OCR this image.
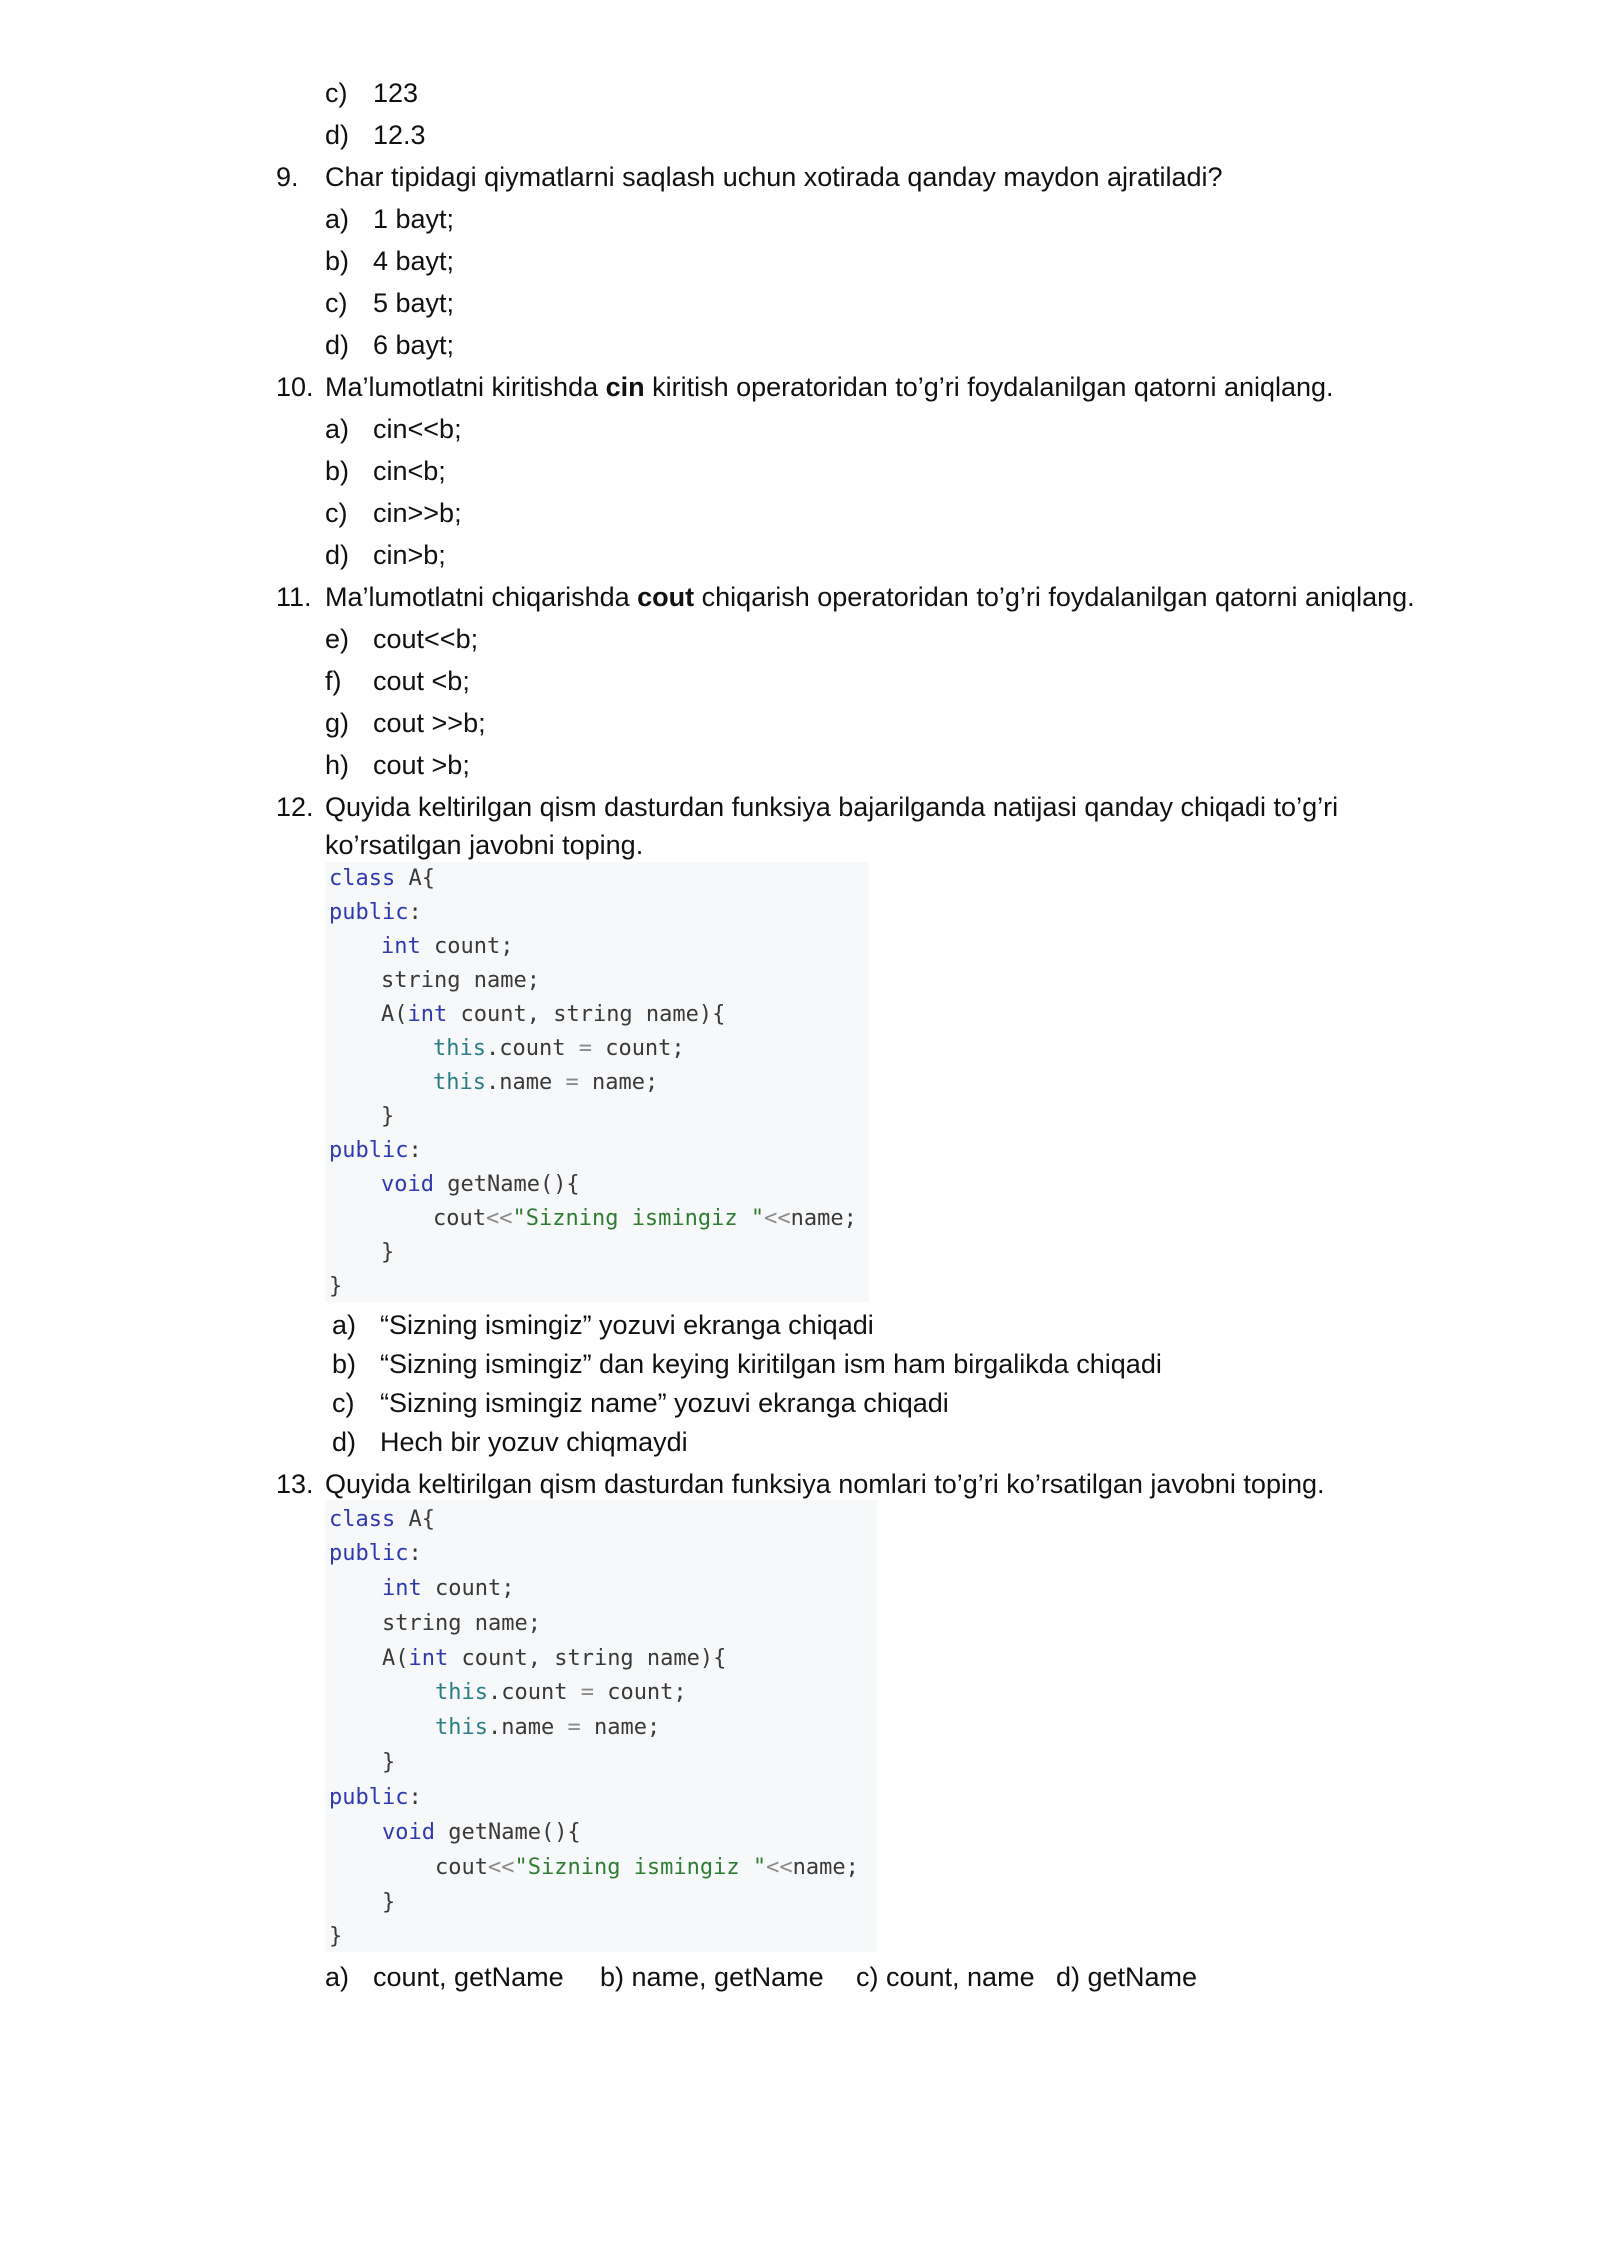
c) 123
d) 12.3
9. Char tipidagi qiymatlarni saqlash uchun xotirada qanday maydon ajratiladi?
a) 1 bayt;
b) 4 bayt;
c) 5 bayt;
d) 6 bayt;
10. Ma’lumotlatni kiritishda cin kiritish operatoridan to’g’ri foydalanilgan qatorni aniqlang.
a) cin<<b;
b) cin<b;
c) cin>>b;
d) cin>b;
11. Ma’lumotlatni chiqarishda cout chiqarish operatoridan to’g’ri foydalanilgan qatorni aniqlang.
e) cout<<b;
f)	cout <b;
g) cout >>b;
h) cout >b;
12. Quyida keltirilgan qism dasturdan funksiya bajarilganda natijasi qanday chiqadi to’g’ri
ko’rsatilgan javobni toping.
class A{
public:
int count;
string name;
A(int count, string name){
this.count = count;
this.name = name;
}
public:
void getName(){
cout<<"Sizning ismingiz "<<name;
}
}
a) “Sizning ismingiz” yozuvi ekranga chiqadi
b) “Sizning ismingiz” dan keying kiritilgan ism ham birgalikda chiqadi
c) “Sizning ismingiz name” yozuvi ekranga chiqadi
d) Hech bir yozuv chiqmaydi
13. Quyida keltirilgan qism dasturdan funksiya nomlari to’g’ri ko’rsatilgan javobni toping.
class A{
public:
int count;
string name;
A(int count, string name){
this.count = count;
this.name = name;
}
public:
void getName(){
cout<<"Sizning ismingiz "<<name;
}
}
a) count, getName b) name, getName c) count, name d) getName
